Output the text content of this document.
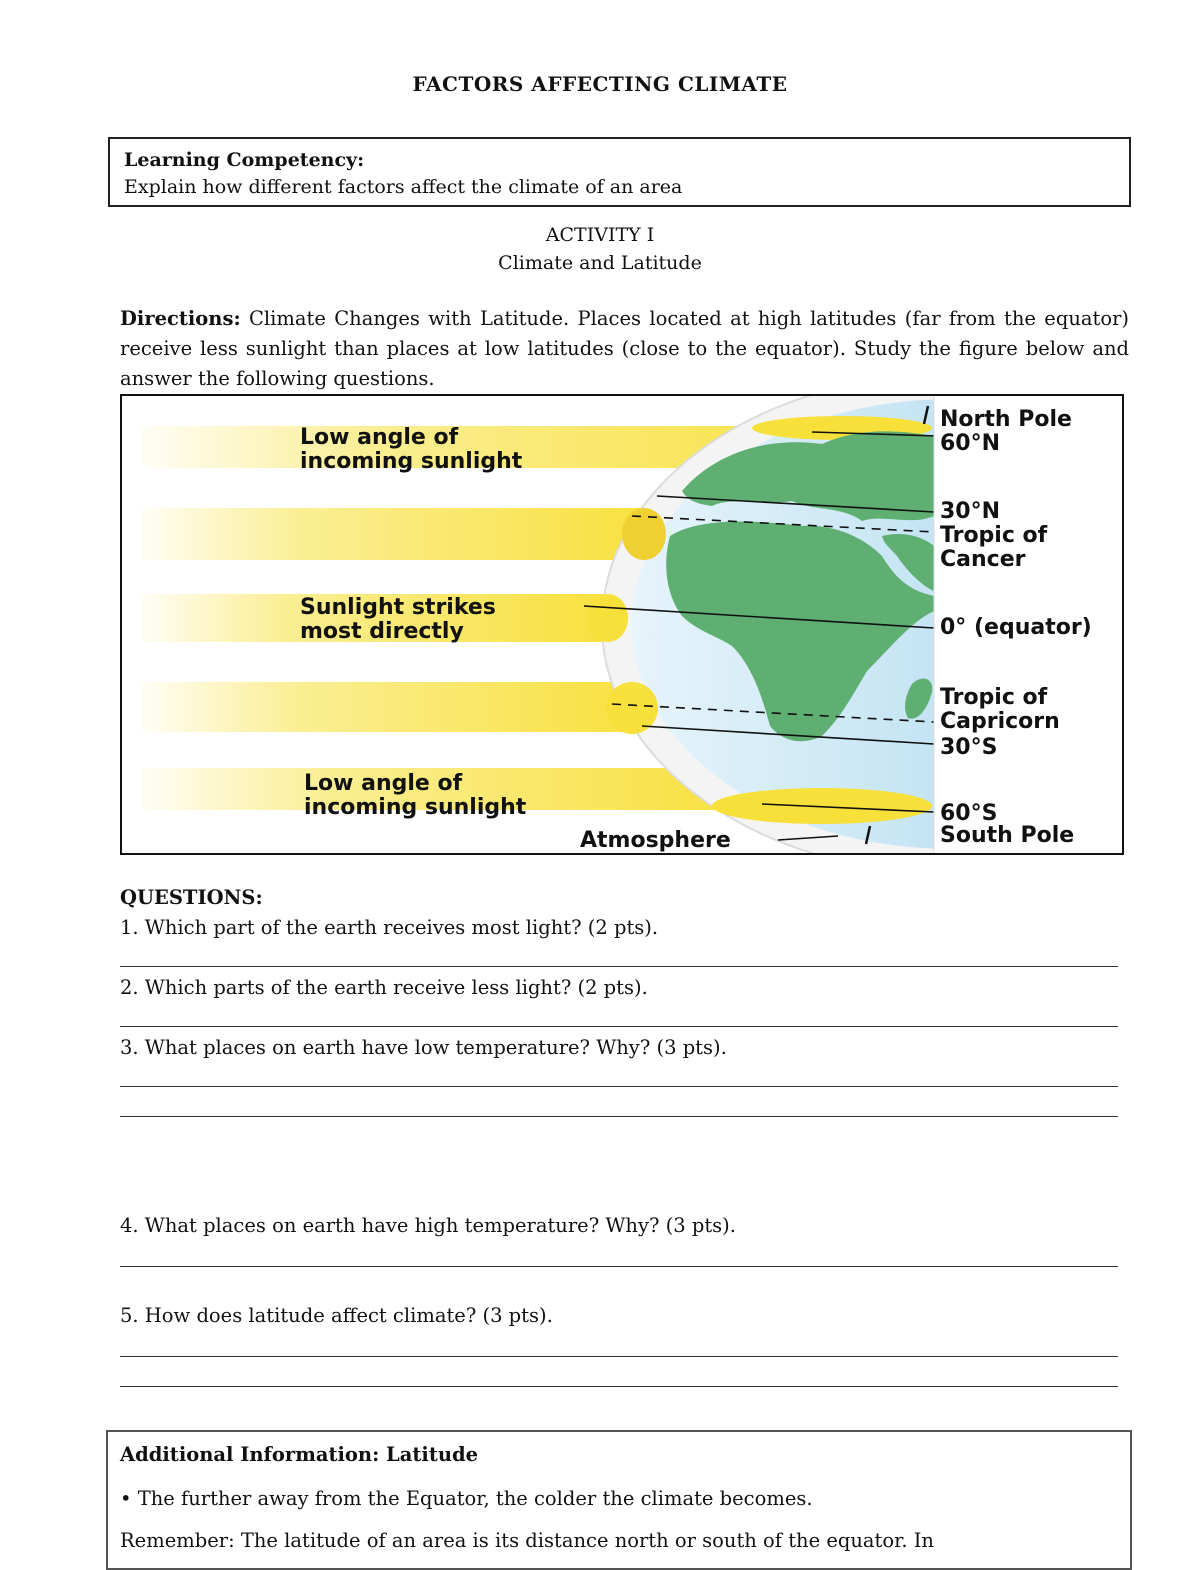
FACTORS AFFECTING CLIMATE
Learning Competency:
Explain how different factors affect the climate of an area
ACTIVITY I
Climate and Latitude
Directions: Climate Changes with Latitude. Places located at high latitudes (far from the equator) receive less sunlight than places at low latitudes (close to the equator). Study the figure below and answer the following questions.
Low angle of
incoming sunlight
Sunlight strikes
most directly
Low angle of
incoming sunlight
Atmosphere
North Pole
60°N
30°N
Tropic of
Cancer
0° (equator)
Tropic of
Capricorn
30°S
60°S
South Pole
QUESTIONS:
1. Which part of the earth receives most light? (2 pts).
2. Which parts of the earth receive less light? (2 pts).
3. What places on earth have low temperature? Why? (3 pts).
4. What places on earth have high temperature? Why? (3 pts).
5. How does latitude affect climate? (3 pts).
Additional Information: Latitude
• The further away from the Equator, the colder the climate becomes.
Remember: The latitude of an area is its distance north or south of the equator. In
